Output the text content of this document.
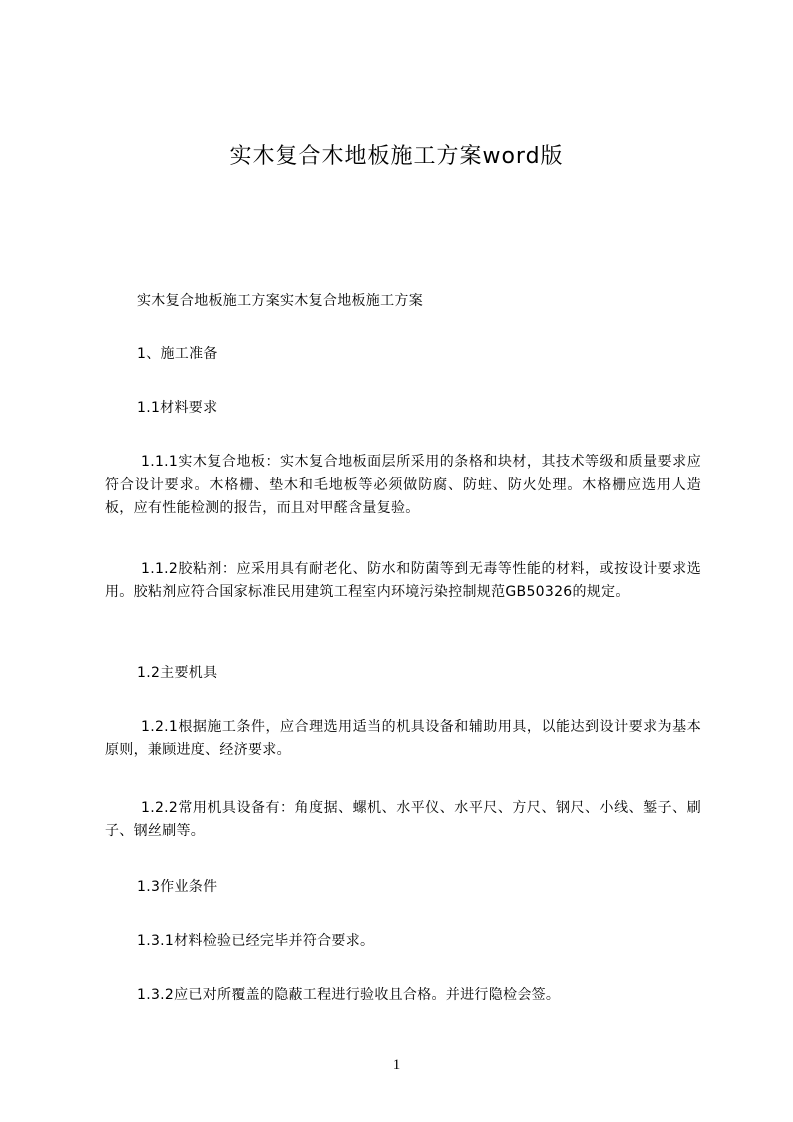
实木复合木地板施工方案word版
实木复合地板施工方案实木复合地板施工方案
1、施工准备
1.1材料要求
1.1.1实木复合地板：实木复合地板面层所采用的条格和块材，其技术等级和质量要求应符合设计要求。木格栅、垫木和毛地板等必须做防腐、防蛀、防火处理。木格栅应选用人造板，应有性能检测的报告，而且对甲醛含量复验。
1.1.2胶粘剂：应采用具有耐老化、防水和防菌等到无毒等性能的材料，或按设计要求选用。胶粘剂应符合国家标准民用建筑工程室内环境污染控制规范GB50326的规定。
1.2主要机具
1.2.1根据施工条件，应合理选用适当的机具设备和辅助用具，以能达到设计要求为基本原则，兼顾进度、经济要求。
1.2.2常用机具设备有：角度据、螺机、水平仪、水平尺、方尺、钢尺、小线、錾子、刷子、钢丝刷等。
1.3作业条件
1.3.1材料检验已经完毕并符合要求。
1.3.2应已对所覆盖的隐蔽工程进行验收且合格。并进行隐检会签。
1
